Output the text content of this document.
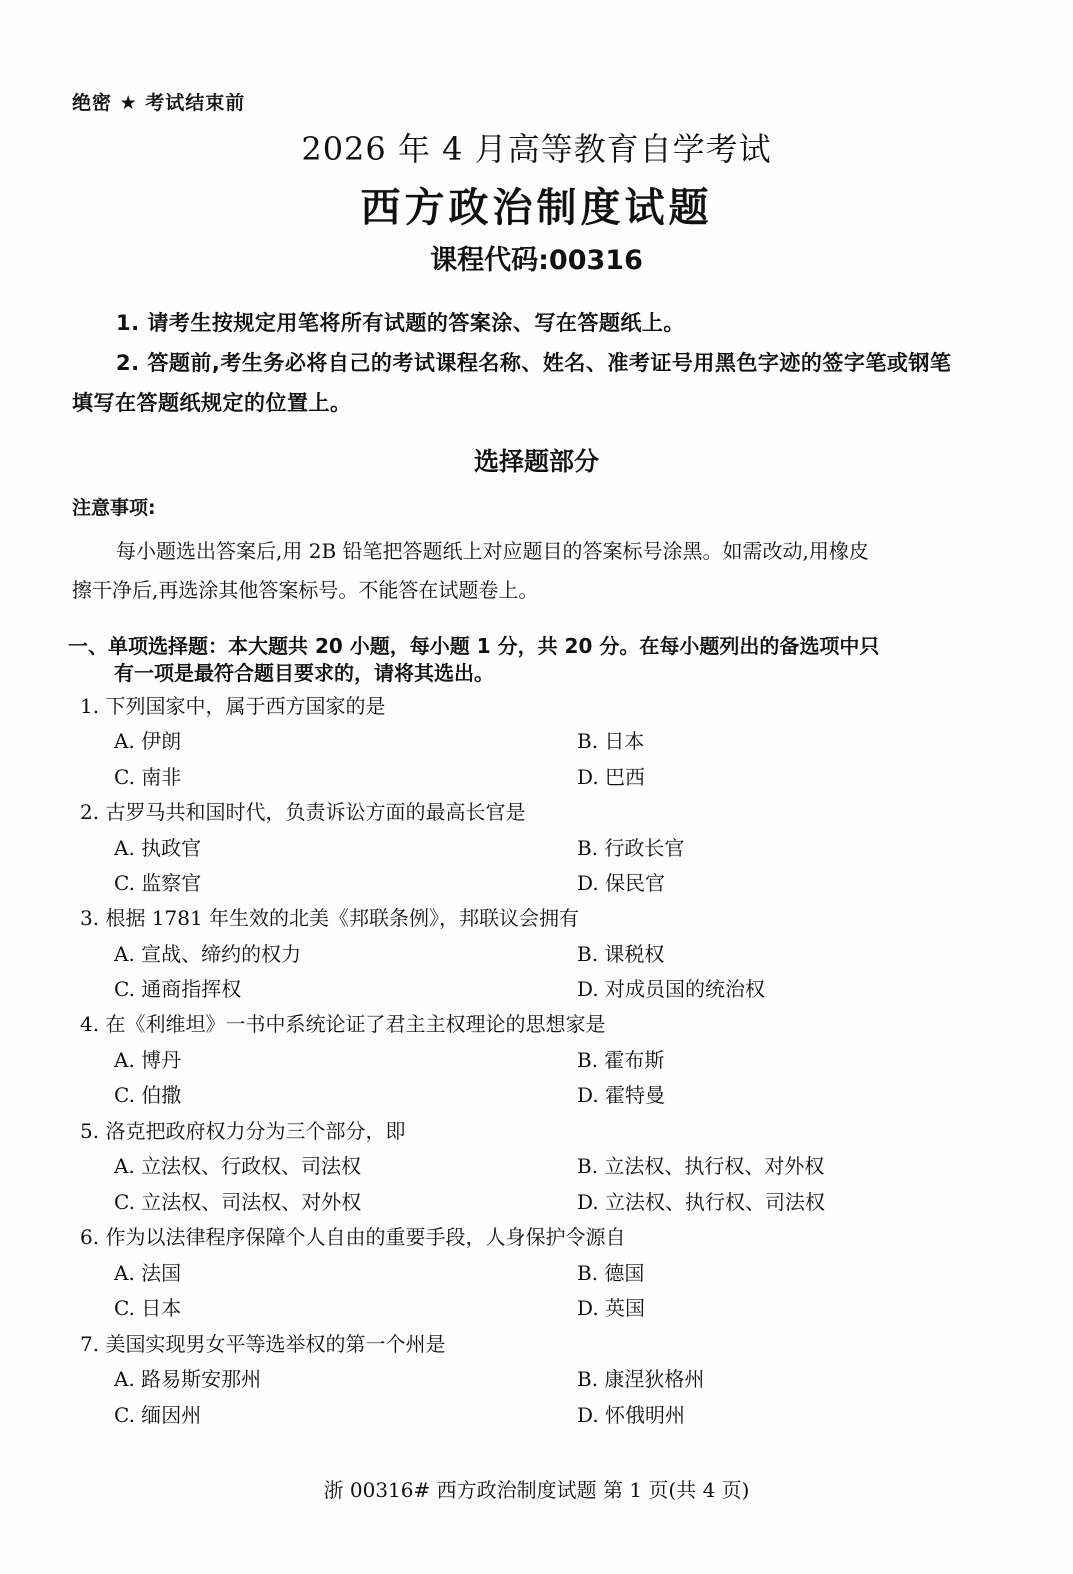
绝密 ★ 考试结束前
2026 年 4 月高等教育自学考试
西方政治制度试题
课程代码:00316
1. 请考生按规定用笔将所有试题的答案涂、写在答题纸上。
2. 答题前,考生务必将自己的考试课程名称、姓名、准考证号用黑色字迹的签字笔或钢笔
填写在答题纸规定的位置上。
选择题部分
注意事项:
每小题选出答案后,用 2B 铅笔把答题纸上对应题目的答案标号涂黑。如需改动,用橡皮
擦干净后,再选涂其他答案标号。不能答在试题卷上。
一、单项选择题：本大题共 20 小题，每小题 1 分，共 20 分。在每小题列出的备选项中只
有一项是最符合题目要求的，请将其选出。
1. 下列国家中，属于西方国家的是
A. 伊朗	B. 日本
C. 南非	D. 巴西
2. 古罗马共和国时代，负责诉讼方面的最高长官是
A. 执政官	B. 行政长官
C. 监察官	D. 保民官
3. 根据 1781 年生效的北美《邦联条例》，邦联议会拥有
A. 宣战、缔约的权力	B. 课税权
C. 通商指挥权	D. 对成员国的统治权
4. 在《利维坦》一书中系统论证了君主主权理论的思想家是
A. 博丹	B. 霍布斯
C. 伯撒	D. 霍特曼
5. 洛克把政府权力分为三个部分，即
A. 立法权、行政权、司法权	B. 立法权、执行权、对外权
C. 立法权、司法权、对外权	D. 立法权、执行权、司法权
6. 作为以法律程序保障个人自由的重要手段，人身保护令源自
A. 法国	B. 德国
C. 日本	D. 英国
7. 美国实现男女平等选举权的第一个州是
A. 路易斯安那州	B. 康涅狄格州
C. 缅因州	D. 怀俄明州
浙 00316# 西方政治制度试题 第 1 页(共 4 页)
